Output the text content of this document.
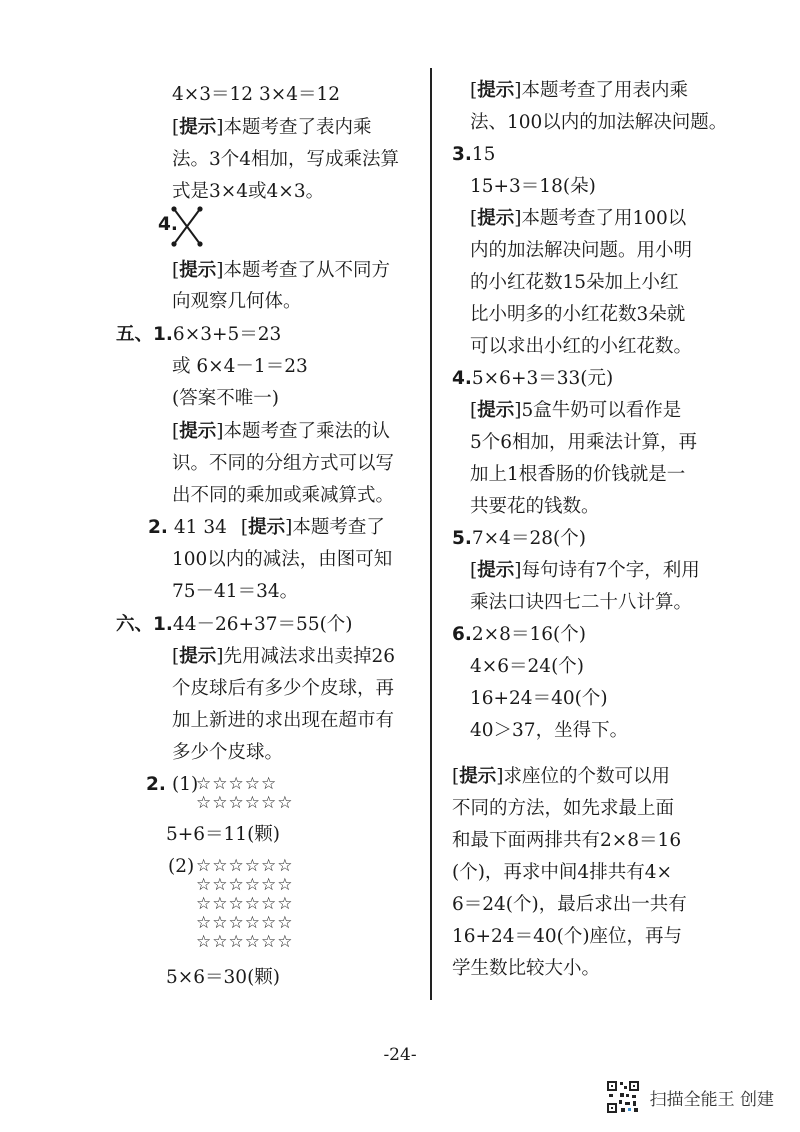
4×3＝12 3×4＝12
[提示]本题考查了表内乘
法。3个4相加，写成乘法算
式是3×4或4×3。
4.
[提示]本题考查了从不同方
向观察几何体。
五、1.6×3+5＝23
或 6×4－1＝23
(答案不唯一)
[提示]本题考查了乘法的认
识。不同的分组方式可以写
出不同的乘加或乘减算式。
2. 41 34 [提示]本题考查了
100以内的减法，由图可知
75－41＝34。
六、1.44－26+37＝55(个)
[提示]先用减法求出卖掉26
个皮球后有多少个皮球，再
加上新进的求出现在超市有
多少个皮球。
2. (1)
☆☆☆☆☆
☆☆☆☆☆☆
5+6＝11(颗)
(2) ☆☆☆☆☆☆
☆☆☆☆☆☆
☆☆☆☆☆☆
☆☆☆☆☆☆
☆☆☆☆☆☆
5×6＝30(颗)
[提示]本题考查了用表内乘
法、100以内的加法解决问题。
3.15
15+3＝18(朵)
[提示]本题考查了用100以
内的加法解决问题。用小明
的小红花数15朵加上小红
比小明多的小红花数3朵就
可以求出小红的小红花数。
4.5×6+3＝33(元)
[提示]5盒牛奶可以看作是
5个6相加，用乘法计算，再
加上1根香肠的价钱就是一
共要花的钱数。
5.7×4＝28(个)
[提示]每句诗有7个字，利用
乘法口诀四七二十八计算。
6.2×8＝16(个)
4×6＝24(个)
16+24＝40(个)
40＞37，坐得下。
[提示]求座位的个数可以用
不同的方法，如先求最上面
和最下面两排共有2×8＝16
(个)，再求中间4排共有4×
6＝24(个)，最后求出一共有
16+24＝40(个)座位，再与
学生数比较大小。
-24-
扫描全能王 创建
